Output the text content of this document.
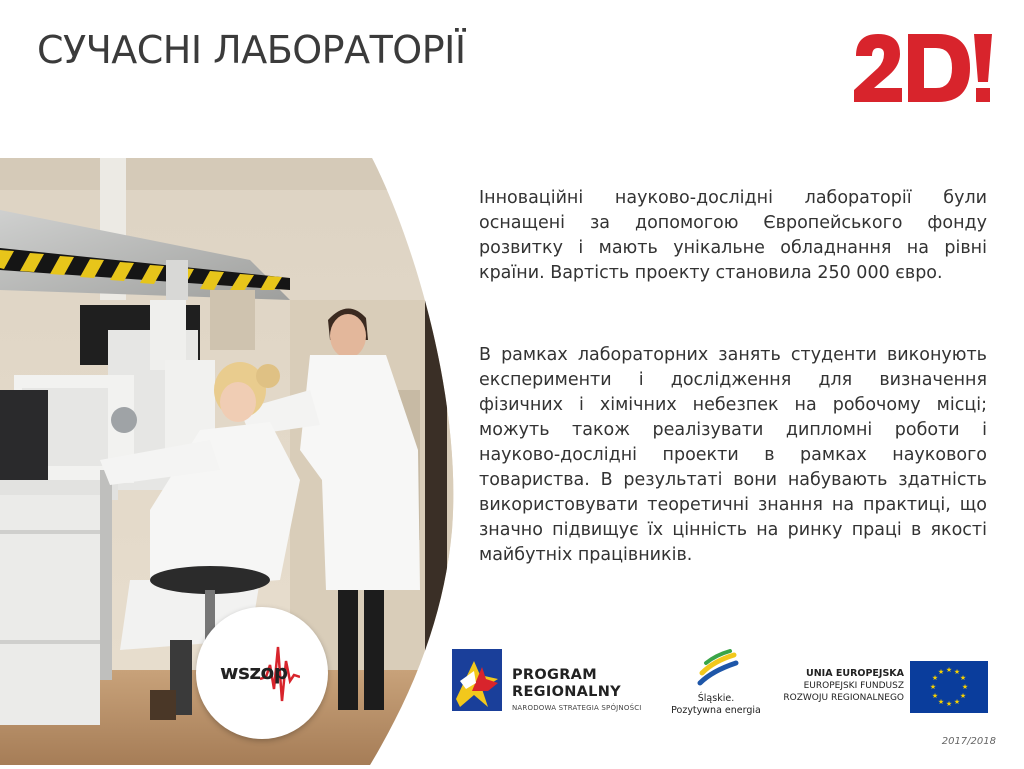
СУЧАСНІ ЛАБОРАТОРІЇ

Інноваційні науково-дослідні лабораторії були оснащені за допомогою Європейського фонду розвитку і мають унікальне обладнання на рівні країни. Вартість проекту становила 250 000 євро.

В рамках лабораторних занять студенти виконують експерименти і дослідження для визначення фізичних і хімічних небезпек на робочому місці; можуть також реалізувати дипломні роботи і науково-дослідні проекти в рамках наукового товариства. В результаті вони набувають здатність використовувати теоретичні знання на практиці, що значно підвищує їх цінність на ринку праці в якості майбутніх працівників.

wszop	PROGRAM
REGIONALNY
NARODOWA STRATEGIA SPÓJNOŚCI
Śląskie.
Pozytywna energia
UNIA EUROPEJSKA
EUROPEJSKI FUNDUSZ
ROZWOJU REGIONALNEGO
★ ★
★
★
★
★
★
★
★
★
★
★
2017/2018
